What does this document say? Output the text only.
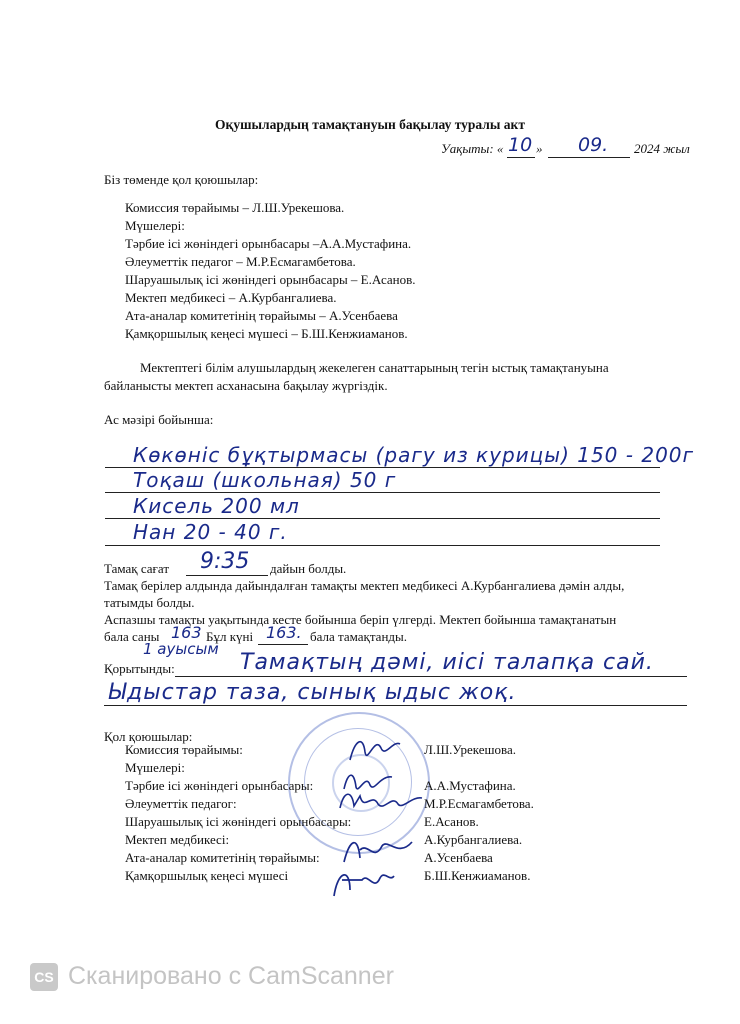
Оқушылардың тамақтануын бақылау туралы акт
Уақыты: « 10 » 09. 2024 жыл
Біз төменде қол қоюшылар:
Комиссия төрайымы – Л.Ш.Урекешова.
Мүшелері:
Тәрбие ісі жөніндегі орынбасары –А.А.Мустафина.
Әлеуметтік педагог – М.Р.Есмагамбетова.
Шаруашылық ісі жөніндегі орынбасары – Е.Асанов.
Мектеп медбикесі – А.Курбангалиева.
Ата-аналар комитетінің төрайымы – А.Усенбаева
Қамқоршылық кеңесі мүшесі – Б.Ш.Кенжиаманов.
Мектептегі білім алушылардың жекелеген санаттарының тегін ыстық тамақтануына
байланысты мектеп асханасына бақылау жүргіздік.
Ас мәзірі бойынша:
Көкөніс бұқтырмасы (рагу из курицы) 150 - 200г
Тоқаш (школьная) 50 г
Кисель 200 мл
Нан 20 - 40 г.
Тамақ сағат 9:35 дайын болды.
Тамақ берілер алдында дайындалған тамақты мектеп медбикесі А.Курбангалиева дәмін алды,
татымды болды.
Аспазшы тамақты уақытында кесте бойынша беріп үлгерді. Мектеп бойынша тамақтанатын
бала саны 163 Бұл күні 163. бала тамақтанды.
1 ауысым
Қорытынды:	Тамақтың дәмі, иісі талапқа сай.
Ыдыстар таза, сынық ыдыс жоқ.
Қол қоюшылар:
Комиссия төрайымы:	Л.Ш.Урекешова.
Мүшелері:
Тәрбие ісі жөніндегі орынбасары:	А.А.Мустафина.
Әлеуметтік педагог:	М.Р.Есмагамбетова.
Шаруашылық ісі жөніндегі орынбасары:	Е.Асанов.
Мектеп медбикесі:	А.Курбангалиева.
Ата-аналар комитетінің төрайымы:	А.Усенбаева
Қамқоршылық кеңесі мүшесі	Б.Ш.Кенжиаманов.
CS Сканировано с CamScanner
